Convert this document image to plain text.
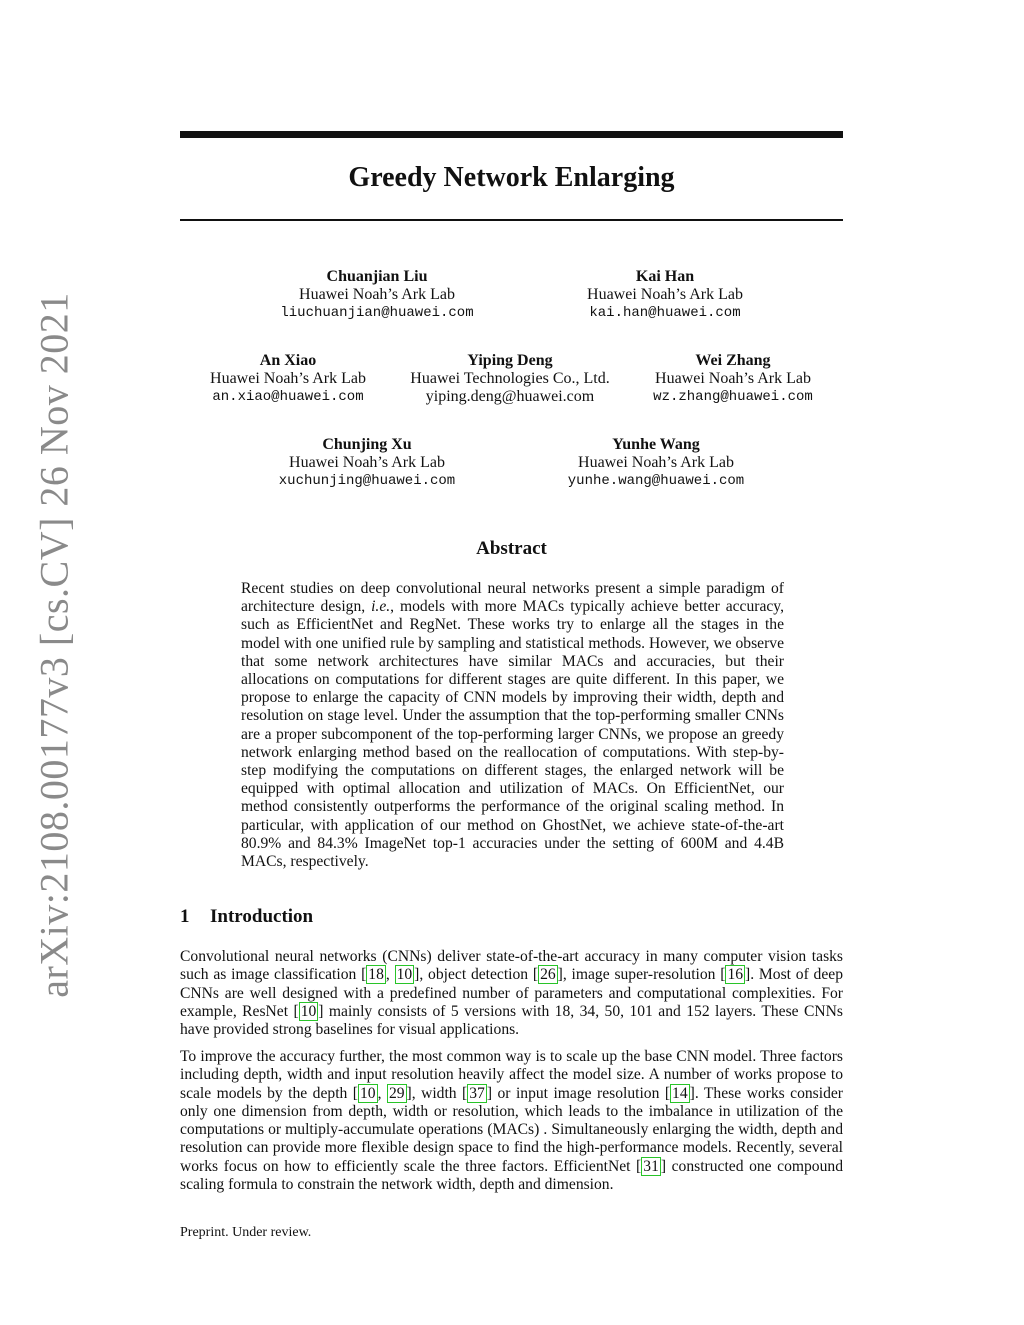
arXiv:2108.00177v3 [cs.CV] 26 Nov 2021
Greedy Network Enlarging
Chuanjian Liu
Huawei Noah’s Ark Lab
liuchuanjian@huawei.com
Kai Han
Huawei Noah’s Ark Lab
kai.han@huawei.com
An Xiao
Huawei Noah’s Ark Lab
an.xiao@huawei.com
Yiping Deng
Huawei Technologies Co., Ltd.
yiping.deng@huawei.com
Wei Zhang
Huawei Noah’s Ark Lab
wz.zhang@huawei.com
Chunjing Xu
Huawei Noah’s Ark Lab
xuchunjing@huawei.com
Yunhe Wang
Huawei Noah’s Ark Lab
yunhe.wang@huawei.com
Abstract

Recent studies on deep convolutional neural networks present a simple paradigm of architecture design, i.e., models with more MACs typically achieve better accuracy, such as EfficientNet and RegNet. These works try to enlarge all the stages in the model with one unified rule by sampling and statistical methods. However, we observe that some network architectures have similar MACs and accuracies, but their allocations on computations for different stages are quite different. In this paper, we propose to enlarge the capacity of CNN models by improving their width, depth and resolution on stage level. Under the assumption that the top-performing smaller CNNs are a proper subcomponent of the top-performing larger CNNs, we propose an greedy network enlarging method based on the reallocation of computations. With step-by-step modifying the computations on different stages, the enlarged network will be equipped with optimal allocation and utilization of MACs. On EfficientNet, our method consistently outperforms the performance of the original scaling method. In particular, with application of our method on GhostNet, we achieve state-of-the-art 80.9% and 84.3% ImageNet top-1 accuracies under the setting of 600M and 4.4B MACs, respectively.

1 Introduction

Convolutional neural networks (CNNs) deliver state-of-the-art accuracy in many computer vision tasks such as image classification [ 18 , 10 ], object detection [ 26 ], image super-resolution [ 16 ]. Most of deep CNNs are well designed with a predefined number of parameters and computational complexities. For example, ResNet [ 10 ] mainly consists of 5 versions with 18, 34, 50, 101 and 152 layers. These CNNs have provided strong baselines for visual applications.

To improve the accuracy further, the most common way is to scale up the base CNN model. Three factors including depth, width and input resolution heavily affect the model size. A number of works propose to scale models by the depth [ 10 , 29 ], width [ 37 ] or input image resolution [ 14 ]. These works consider only one dimension from depth, width or resolution, which leads to the imbalance in utilization of the computations or multiply-accumulate operations (MACs) . Simultaneously enlarging the width, depth and resolution can provide more flexible design space to find the high-performance models. Recently, several works focus on how to efficiently scale the three factors. EfficientNet [ 31 ] constructed one compound scaling formula to constrain the network width, depth and dimension.

Preprint. Under review.
